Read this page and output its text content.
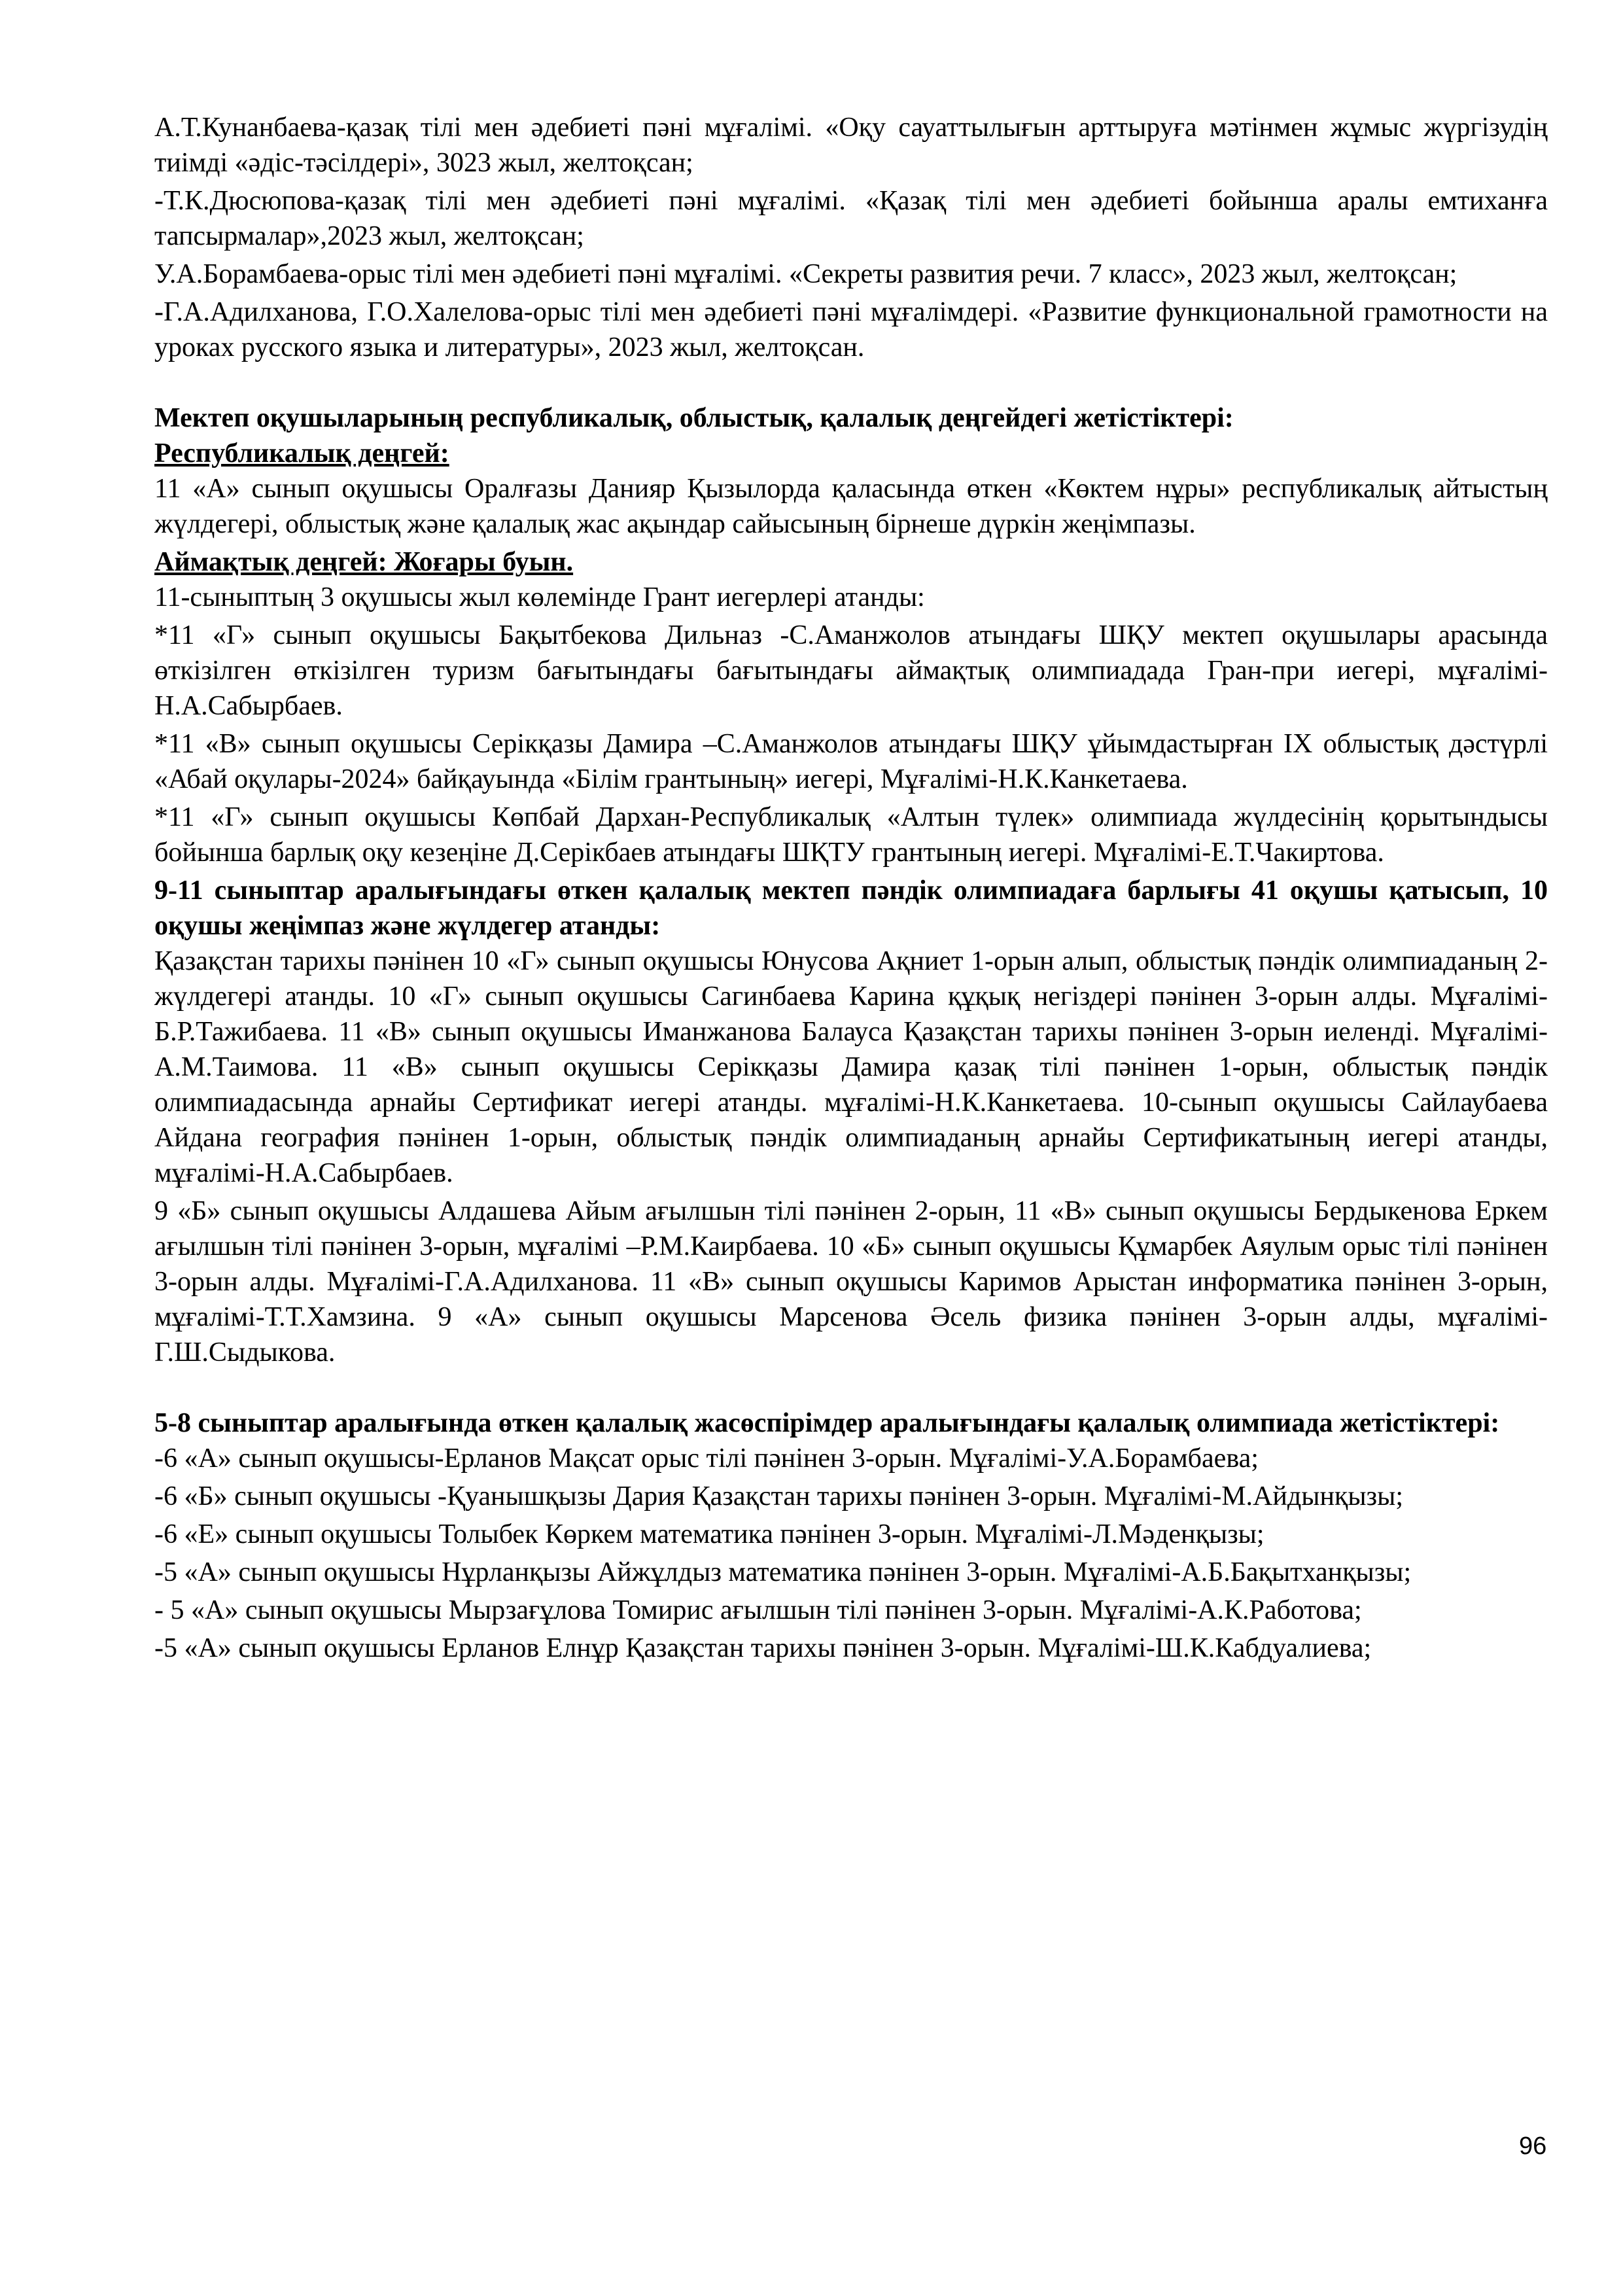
А.Т.Кунанбаева-қазақ тілі мен әдебиеті пәні мұғалімі. «Оқу сауаттылығын арттыруға мәтінмен жұмыс жүргізудің тиімді «әдіс-тәсілдері», 3023 жыл, желтоқсан;

-Т.К.Дюсюпова-қазақ тілі мен әдебиеті пәні мұғалімі. «Қазақ тілі мен әдебиеті бойынша аралы емтиханға тапсырмалар»,2023 жыл, желтоқсан;

У.А.Борамбаева-орыс тілі мен әдебиеті пәні мұғалімі. «Секреты развития речи. 7 класс», 2023 жыл, желтоқсан;

-Г.А.Адилханова, Г.О.Халелова-орыс тілі мен әдебиеті пәні мұғалімдері. «Развитие функциональной грамотности на уроках русского языка и литературы», 2023 жыл, желтоқсан.

Мектеп оқушыларының республикалық, облыстық, қалалық деңгейдегі жетістіктері:

Республикалық деңгей:

11 «А» сынып оқушысы Оралғазы Данияр Қызылорда қаласында өткен «Көктем нұры» республикалық айтыстың жүлдегері, облыстық және қалалық жас ақындар сайысының бірнеше дүркін жеңімпазы.

Аймақтық деңгей: Жоғары буын.

11-сыныптың 3 оқушысы жыл көлемінде Грант иегерлері атанды:

*11 «Г» сынып оқушысы Бақытбекова Дильназ -С.Аманжолов атындағы ШҚУ мектеп оқушылары арасында өткізілген өткізілген туризм бағытындағы бағытындағы аймақтық олимпиадада Гран-при иегері, мұғалімі-Н.А.Сабырбаев.

*11 «В» сынып оқушысы Серікқазы Дамира –С.Аманжолов атындағы ШҚУ ұйымдастырған ІХ облыстық дәстүрлі «Абай оқулары-2024» байқауында «Білім грантының» иегері, Мұғалімі-Н.К.Канкетаева.

*11 «Г» сынып оқушысы Көпбай Дархан-Республикалық «Алтын түлек» олимпиада жүлдесінің қорытындысы бойынша барлық оқу кезеңіне Д.Серікбаев атындағы ШҚТУ грантының иегері. Мұғалімі-Е.Т.Чакиртова.

9-11 сыныптар аралығындағы өткен қалалық мектеп пәндік олимпиадаға барлығы 41 оқушы қатысып, 10 оқушы жеңімпаз және жүлдегер атанды:

Қазақстан тарихы пәнінен 10 «Г» сынып оқушысы Юнусова Ақниет 1-орын алып, облыстық пәндік олимпиаданың 2-жүлдегері атанды. 10 «Г» сынып оқушысы Сагинбаева Карина құқық негіздері пәнінен 3-орын алды. Мұғалімі-Б.Р.Тажибаева. 11 «В» сынып оқушысы Иманжанова Балауса Қазақстан тарихы пәнінен 3-орын иеленді. Мұғалімі-А.М.Таимова. 11 «В» сынып оқушысы Серікқазы Дамира қазақ тілі пәнінен 1-орын, облыстық пәндік олимпиадасында арнайы Сертификат иегері атанды. мұғалімі-Н.К.Канкетаева. 10-сынып оқушысы Сайлаубаева Айдана география пәнінен 1-орын, облыстық пәндік олимпиаданың арнайы Сертификатының иегері атанды, мұғалімі-Н.А.Сабырбаев.

9 «Б» сынып оқушысы Алдашева Айым ағылшын тілі пәнінен 2-орын, 11 «В» сынып оқушысы Бердыкенова Еркем ағылшын тілі пәнінен 3-орын, мұғалімі –Р.М.Каирбаева. 10 «Б» сынып оқушысы Құмарбек Аяулым орыс тілі пәнінен 3-орын алды. Мұғалімі-Г.А.Адилханова. 11 «В» сынып оқушысы Каримов Арыстан информатика пәнінен 3-орын, мұғалімі-Т.Т.Хамзина. 9 «А» сынып оқушысы Марсенова Әсель физика пәнінен 3-орын алды, мұғалімі-Г.Ш.Сыдыкова.

5-8 сыныптар аралығында өткен қалалық жасөспірімдер аралығындағы қалалық олимпиада жетістіктері:

-6 «А» сынып оқушысы-Ерланов Мақсат орыс тілі пәнінен 3-орын. Мұғалімі-У.А.Борамбаева;

-6 «Б» сынып оқушысы -Қуанышқызы Дария Қазақстан тарихы пәнінен 3-орын. Мұғалімі-М.Айдынқызы;

-6 «Е» сынып оқушысы Толыбек Көркем математика пәнінен 3-орын. Мұғалімі-Л.Мәденқызы;

-5 «А» сынып оқушысы Нұрланқызы Айжұлдыз математика пәнінен 3-орын. Мұғалімі-А.Б.Бақытханқызы;

- 5 «А» сынып оқушысы Мырзағұлова Томирис ағылшын тілі пәнінен 3-орын. Мұғалімі-А.К.Работова;

-5 «А» сынып оқушысы Ерланов Елнұр Қазақстан тарихы пәнінен 3-орын. Мұғалімі-Ш.К.Кабдуалиева;

96
